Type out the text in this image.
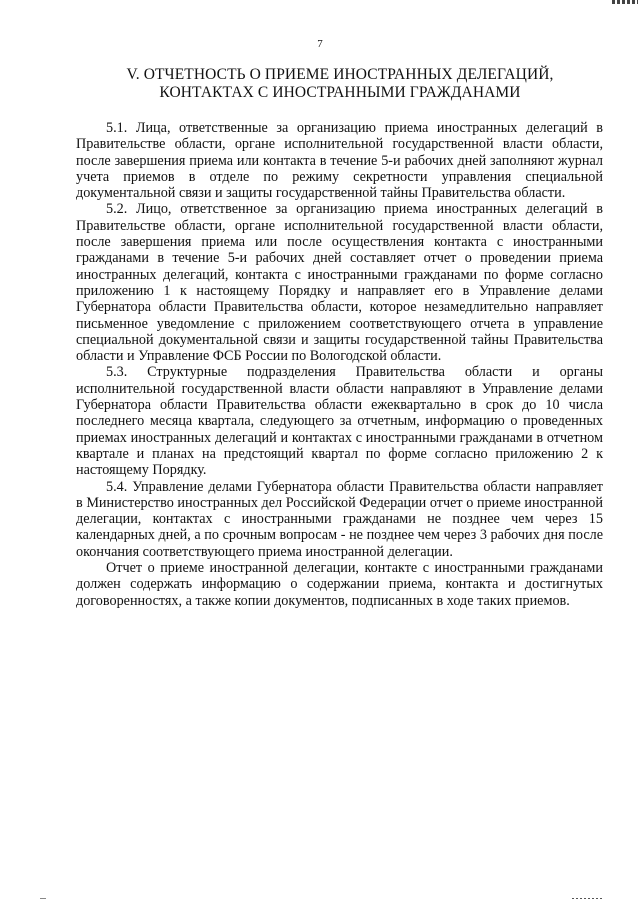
7
V. ОТЧЕТНОСТЬ О ПРИЕМЕ ИНОСТРАННЫХ ДЕЛЕГАЦИЙ,
КОНТАКТАХ С ИНОСТРАННЫМИ ГРАЖДАНАМИ

5.1. Лица, ответственные за организацию приема иностранных делегаций в Правительстве области, органе исполнительной государственной власти области, после завершения приема или контакта в течение 5-и рабочих дней заполняют журнал учета приемов в отделе по режиму секретности управления специальной документальной связи и защиты государственной тайны Правительства области.

5.2. Лицо, ответственное за организацию приема иностранных делегаций в Правительстве области, органе исполнительной государственной власти области, после завершения приема или после осуществления контакта с иностранными гражданами в течение 5-и рабочих дней составляет отчет о проведении приема иностранных делегаций, контакта с иностранными гражданами по форме согласно приложению 1 к настоящему Порядку и направляет его в Управление делами Губернатора области Правительства области, которое незамедлительно направляет письменное уведомление с приложением соответствующего отчета в управление специальной документальной связи и защиты государственной тайны Правительства области и Управление ФСБ России по Вологодской области.

5.3. Структурные подразделения Правительства области и органы исполнительной государственной власти области направляют в Управление делами Губернатора области Правительства области ежеквартально в срок до 10 числа последнего месяца квартала, следующего за отчетным, информацию о проведенных приемах иностранных делегаций и контактах с иностранными гражданами в отчетном квартале и планах на предстоящий квартал по форме согласно приложению 2 к настоящему Порядку.

5.4. Управление делами Губернатора области Правительства области направляет в Министерство иностранных дел Российской Федерации отчет о приеме иностранной делегации, контактах с иностранными гражданами не позднее чем через 15 календарных дней, а по срочным вопросам - не позднее чем через 3 рабочих дня после окончания соответствующего приема иностранной делегации.

Отчет о приеме иностранной делегации, контакте с иностранными гражданами должен содержать информацию о содержании приема, контакта и достигнутых договоренностях, а также копии документов, подписанных в ходе таких приемов.
